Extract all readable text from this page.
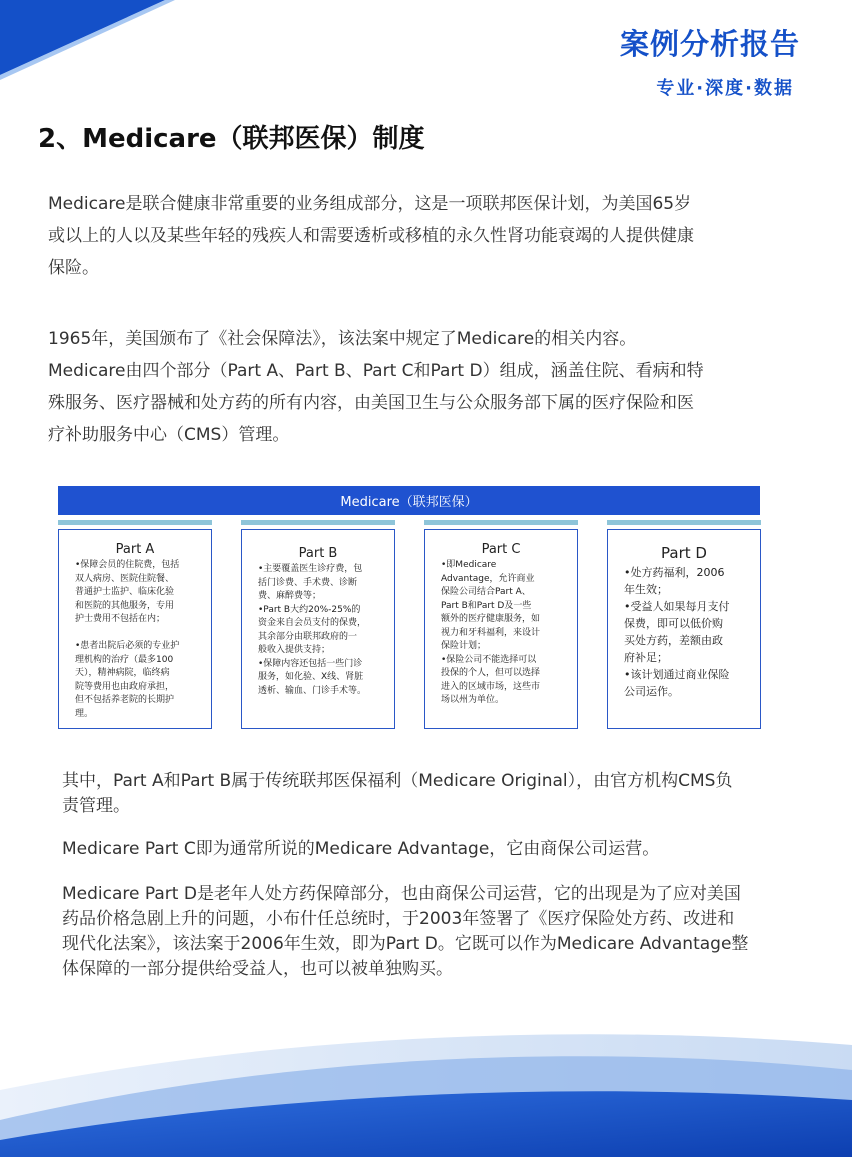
案例分析报告
专业·深度·数据
2、Medicare（联邦医保）制度
Medicare是联合健康非常重要的业务组成部分，这是一项联邦医保计划，为美国65岁
或以上的人以及某些年轻的残疾人和需要透析或移植的永久性肾功能衰竭的人提供健康
保险。
1965年，美国颁布了《社会保障法》，该法案中规定了Medicare的相关内容。
Medicare由四个部分（Part A、Part B、Part C和Part D）组成，涵盖住院、看病和特
殊服务、医疗器械和处方药的所有内容，由美国卫生与公众服务部下属的医疗保险和医
疗补助服务中心（CMS）管理。
Medicare（联邦医保）
Part A
•保障会员的住院费，包括
双人病房、医院住院餐、
普通护士监护、临床化验
和医院的其他服务，专用
护士费用不包括在内；
•患者出院后必须的专业护
理机构的治疗（最多100
天），精神病院，临终病
院等费用也由政府承担，
但不包括养老院的长期护
理。
Part B
•主要覆盖医生诊疗费，包
括门诊费、手术费、诊断
费、麻醉费等；
•Part B大约20%-25%的
资金来自会员支付的保费，
其余部分由联邦政府的一
般收入提供支持；
•保障内容还包括一些门诊
服务，如化验、X线、肾脏
透析、输血、门诊手术等。
Part C
•即Medicare
Advantage，允许商业
保险公司结合Part A、
Part B和Part D及一些
额外的医疗健康服务，如
视力和牙科福利，来设计
保险计划；
•保险公司不能选择可以
投保的个人，但可以选择
进入的区域市场，这些市
场以州为单位。
Part D
•处方药福利，2006
年生效；
•受益人如果每月支付
保费，即可以低价购
买处方药，差额由政
府补足；
•该计划通过商业保险
公司运作。
其中，Part A和Part B属于传统联邦医保福利（Medicare Original），由官方机构CMS负
责管理。
Medicare Part C即为通常所说的Medicare Advantage，它由商保公司运营。
Medicare Part D是老年人处方药保障部分，也由商保公司运营，它的出现是为了应对美国
药品价格急剧上升的问题，小布什任总统时，于2003年签署了《医疗保险处方药、改进和
现代化法案》，该法案于2006年生效，即为Part D。它既可以作为Medicare Advantage整
体保障的一部分提供给受益人，也可以被单独购买。
